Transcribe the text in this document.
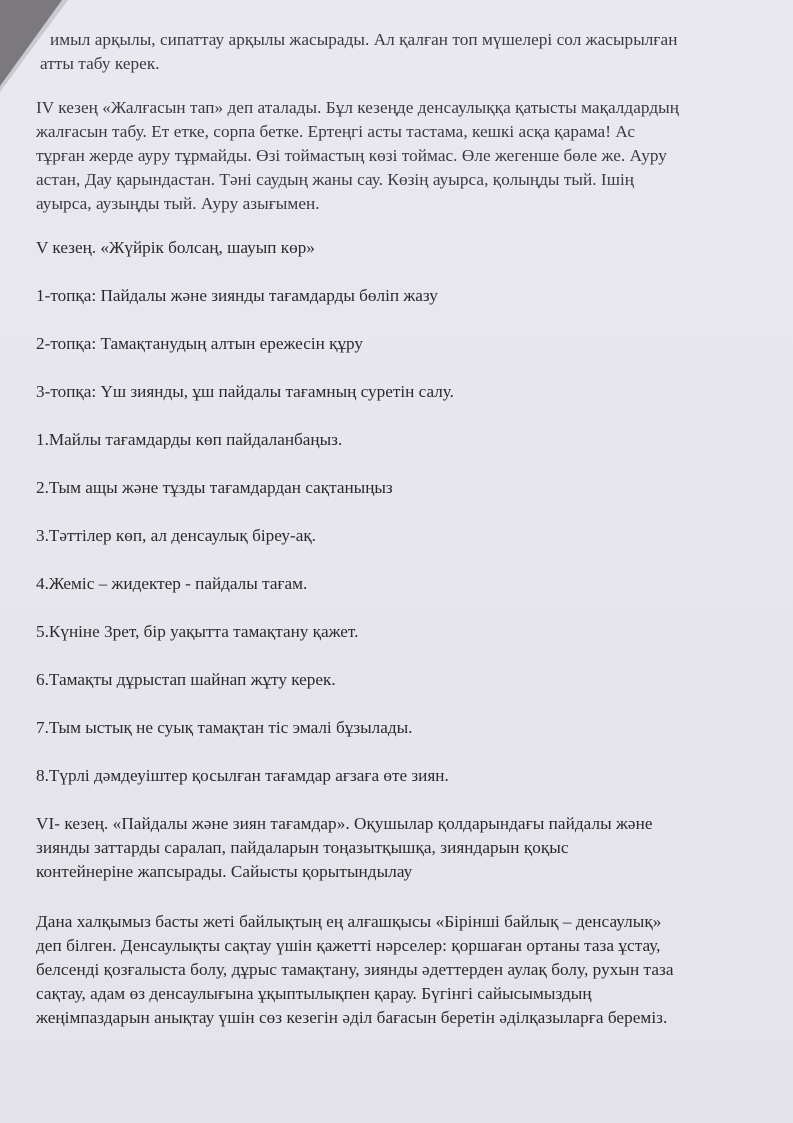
имыл арқылы, сипаттау арқылы жасырады. Ал қалған топ мүшелері сол жасырылған
атты табу керек.

IV кезең «Жалғасын тап» деп аталады. Бұл кезеңде денсаулыққа қатысты мақалдардың
жалғасын табу. Ет етке, сорпа бетке. Ертеңгі асты тастама, кешкі асқа қарама! Ас
тұрған жерде ауру тұрмайды. Өзі тоймастың көзі тоймас. Өле жегенше бөле же. Ауру
астан, Дау қарындастан. Тәні саудың жаны сау. Көзің ауырса, қолыңды тый. Ішің
ауырса, аузыңды тый. Ауру азығымен.

V кезең. «Жүйрік болсаң, шауып көр»

1-топқа: Пайдалы және зиянды тағамдарды бөліп жазу

2-топқа: Тамақтанудың алтын ережесін құру

3-топқа: Үш зиянды, ұш пайдалы тағамның суретін салу.

1.Майлы тағамдарды көп пайдаланбаңыз.

2.Тым ащы және тұзды тағамдардан сақтаныңыз

3.Тәттілер көп, ал денсаулық біреу-ақ.

4.Жеміс – жидектер - пайдалы тағам.

5.Күніне 3рет, бір уақытта тамақтану қажет.

6.Тамақты дұрыстап шайнап жұту керек.

7.Тым ыстық не суық тамақтан тіс эмалі бұзылады.

8.Түрлі дәмдеуіштер қосылған тағамдар ағзаға өте зиян.

VI- кезең. «Пайдалы және зиян тағамдар». Оқушылар қолдарындағы пайдалы және
зиянды заттарды саралап, пайдаларын тоңазытқышқа, зияндарын қоқыс
контейнеріне жапсырады. Сайысты қорытындылау

Дана халқымыз басты жеті байлықтың ең алғашқысы «Бірінші байлық – денсаулық»
деп білген. Денсаулықты сақтау үшін қажетті нәрселер: қоршаған ортаны таза ұстау,
белсенді қозғалыста болу, дұрыс тамақтану, зиянды әдеттерден аулақ болу, рухын таза
сақтау, адам өз денсаулығына ұқыптылықпен қарау. Бүгінгі сайысымыздың
жеңімпаздарын анықтау үшін сөз кезегін әділ бағасын беретін әділқазыларға береміз.
